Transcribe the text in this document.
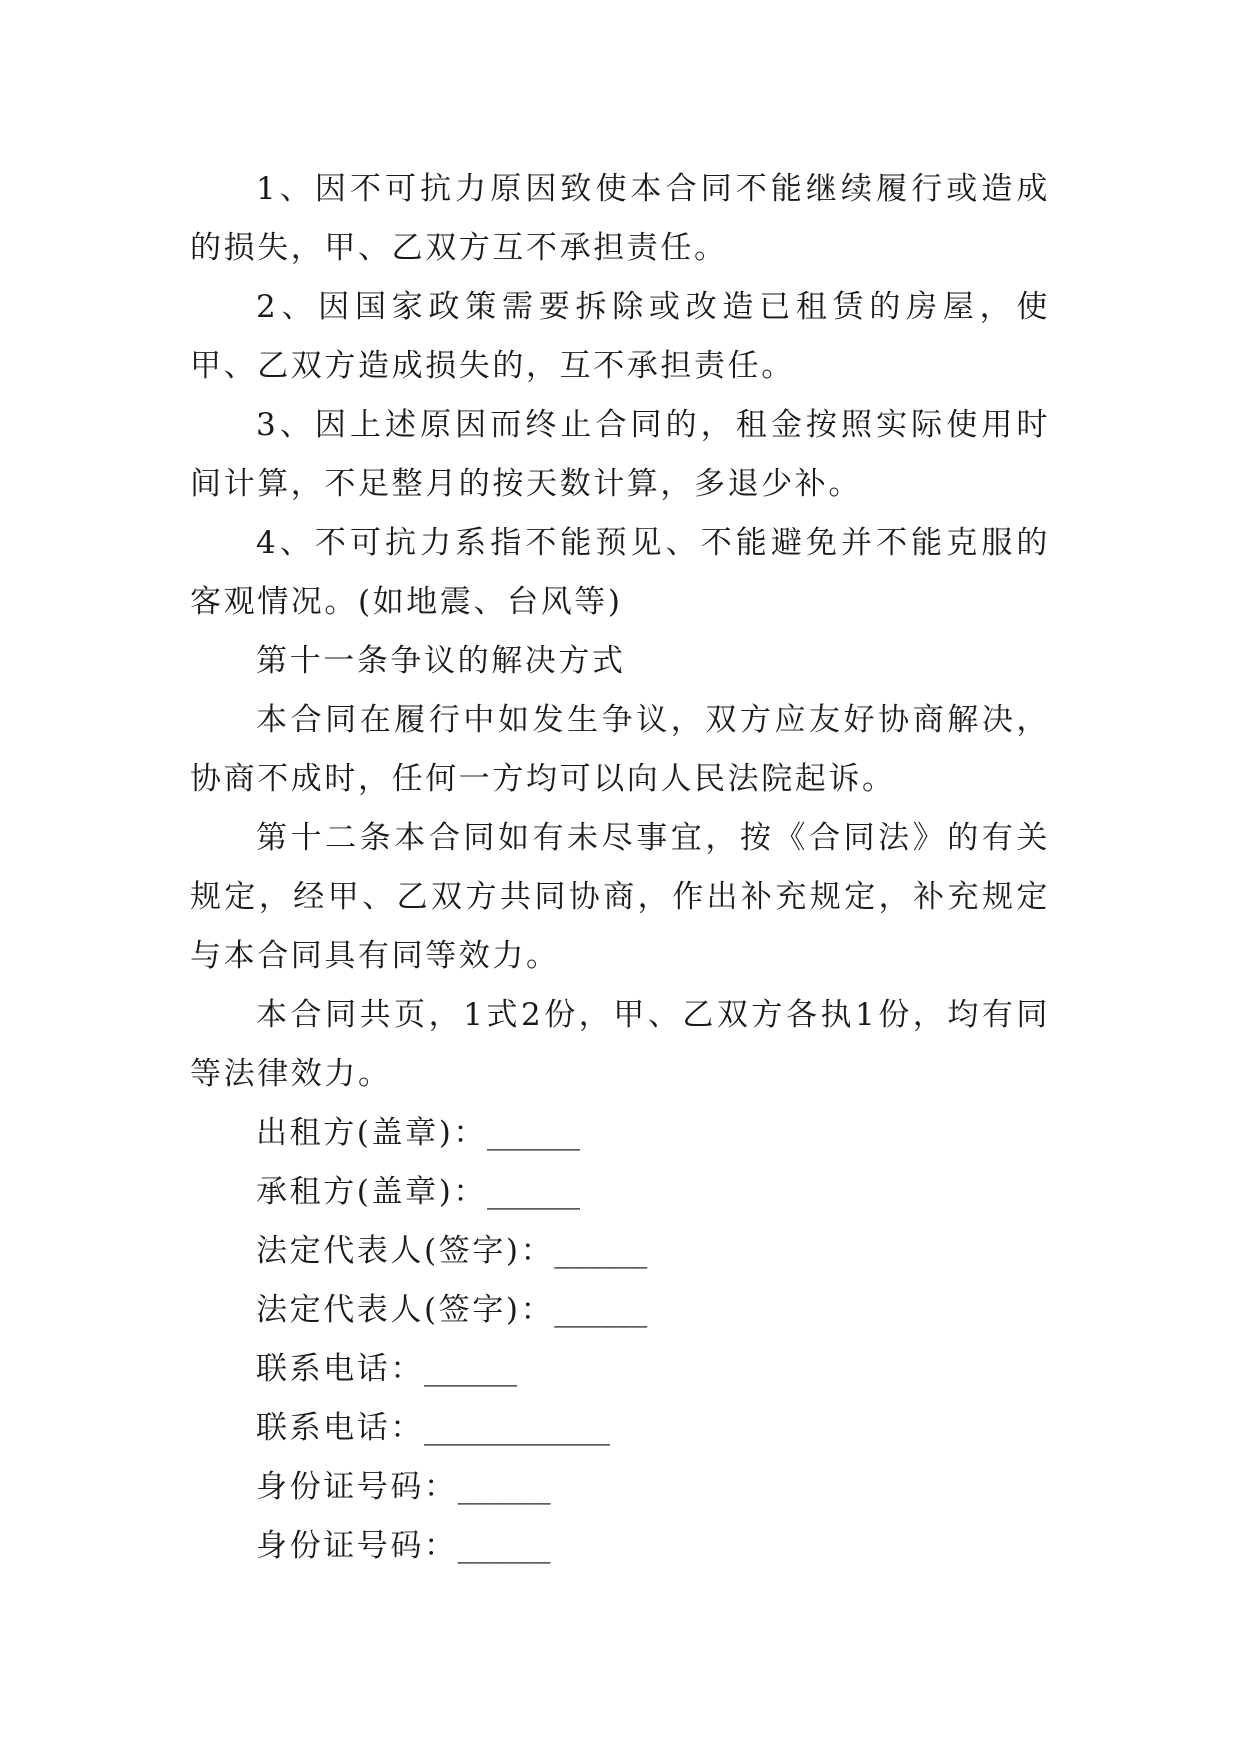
1、因不可抗力原因致使本合同不能继续履行或造成的损失，甲、乙双方互不承担责任。

2、因国家政策需要拆除或改造已租赁的房屋，使甲、乙双方造成损失的，互不承担责任。

3、因上述原因而终止合同的，租金按照实际使用时间计算，不足整月的按天数计算，多退少补。

4、不可抗力系指不能预见、不能避免并不能克服的客观情况。(如地震、台风等)

第十一条争议的解决方式

本合同在履行中如发生争议，双方应友好协商解决，协商不成时，任何一方均可以向人民法院起诉。

第十二条本合同如有未尽事宜，按《合同法》的有关规定，经甲、乙双方共同协商，作出补充规定，补充规定与本合同具有同等效力。

本合同共页，1式2份，甲、乙双方各执1份，均有同等法律效力。

出租方(盖章)：______

承租方(盖章)：______

法定代表人(签字)：______

法定代表人(签字)：______

联系电话：______

联系电话：____________

身份证号码：______

身份证号码：______
